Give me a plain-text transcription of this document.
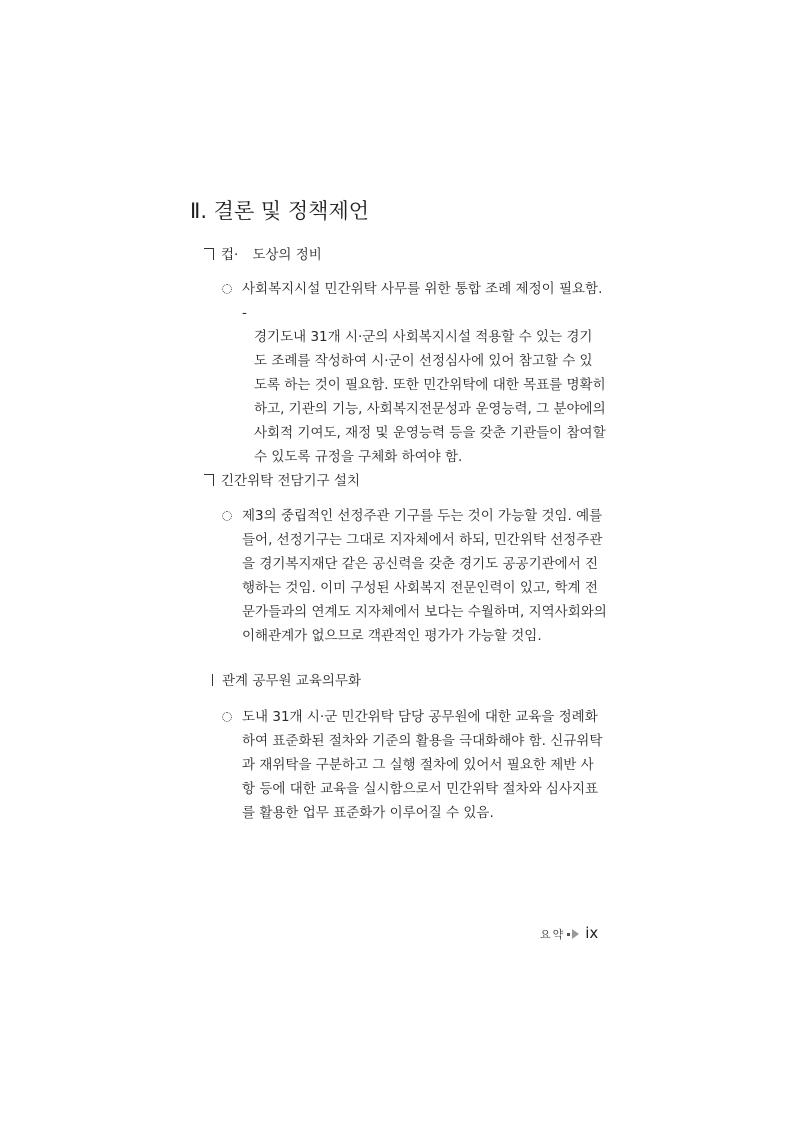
Ⅱ. 결론 및 정책제언
컵· 도상의 정비
사회복지시설 민간위탁 사무를 위한 통합 조례 제정이 필요함.

-
경기도내 31개 시·군의 사회복지시설 적용할 수 있는 경기
도 조례를 작성하여 시·군이 선정심사에 있어 참고할 수 있
도록 하는 것이 필요함. 또한 민간위탁에 대한 목표를 명확히
하고, 기관의 기능, 사회복지전문성과 운영능력, 그 분야에의
사회적 기여도, 재정 및 운영능력 등을 갖춘 기관들이 참여할
수 있도록 규정을 구체화 하여야 함.

긴간위탁 전담기구 설치
제3의 중립적인 선정주관 기구를 두는 것이 가능할 것임. 예를
들어, 선정기구는 그대로 지자체에서 하되, 민간위탁 선정주관
을 경기복지재단 같은 공신력을 갖춘 경기도 공공기관에서 진
행하는 것임. 이미 구성된 사회복지 전문인력이 있고, 학계 전
문가들과의 연계도 지자체에서 보다는 수월하며, 지역사회와의
이해관계가 없으므로 객관적인 평가가 가능할 것임.
관계 공무원 교육의무화
도내 31개 시·군 민간위탁 담당 공무원에 대한 교육을 정례화
하여 표준화된 절차와 기준의 활용을 극대화해야 함. 신규위탁
과 재위탁을 구분하고 그 실행 절차에 있어서 필요한 제반 사
항 등에 대한 교육을 실시함으로서 민간위탁 절차와 심사지표
를 활용한 업무 표준화가 이루어질 수 있음.
요약 ix
